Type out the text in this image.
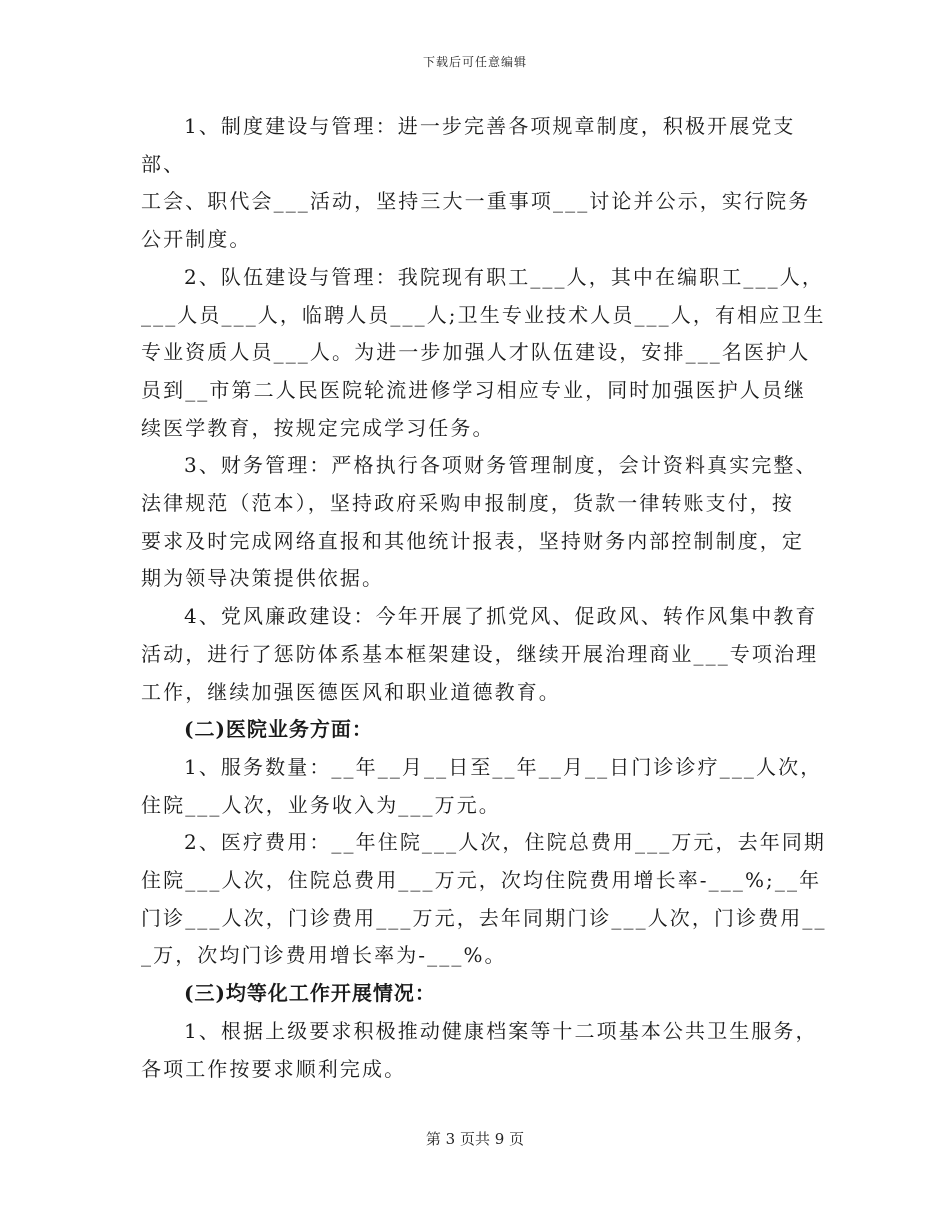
下载后可任意编辑

1、制度建设与管理：进一步完善各项规章制度，积极开展党支部、
工会、职代会___活动，坚持三大一重事项___讨论并公示，实行院务
公开制度。

2、队伍建设与管理：我院现有职工___人，其中在编职工___人，
___人员___人，临聘人员___人;卫生专业技术人员___人，有相应卫生
专业资质人员___人。为进一步加强人才队伍建设，安排___名医护人
员到__市第二人民医院轮流进修学习相应专业，同时加强医护人员继
续医学教育，按规定完成学习任务。

3、财务管理：严格执行各项财务管理制度，会计资料真实完整、
法律规范（范本），坚持政府采购申报制度，货款一律转账支付，按
要求及时完成网络直报和其他统计报表，坚持财务内部控制制度，定
期为领导决策提供依据。

4、党风廉政建设：今年开展了抓党风、促政风、转作风集中教育
活动，进行了惩防体系基本框架建设，继续开展治理商业___专项治理
工作，继续加强医德医风和职业道德教育。

(二)医院业务方面：

1、服务数量：__年__月__日至__年__月__日门诊诊疗___人次，
住院___人次，业务收入为___万元。

2、医疗费用：__年住院___人次，住院总费用___万元，去年同期
住院___人次，住院总费用___万元，次均住院费用增长率-___%;__年
门诊___人次，门诊费用___万元，去年同期门诊___人次，门诊费用__
_万，次均门诊费用增长率为-___%。

(三)均等化工作开展情况：

1、根据上级要求积极推动健康档案等十二项基本公共卫生服务，
各项工作按要求顺利完成。

第 3 页共 9 页
